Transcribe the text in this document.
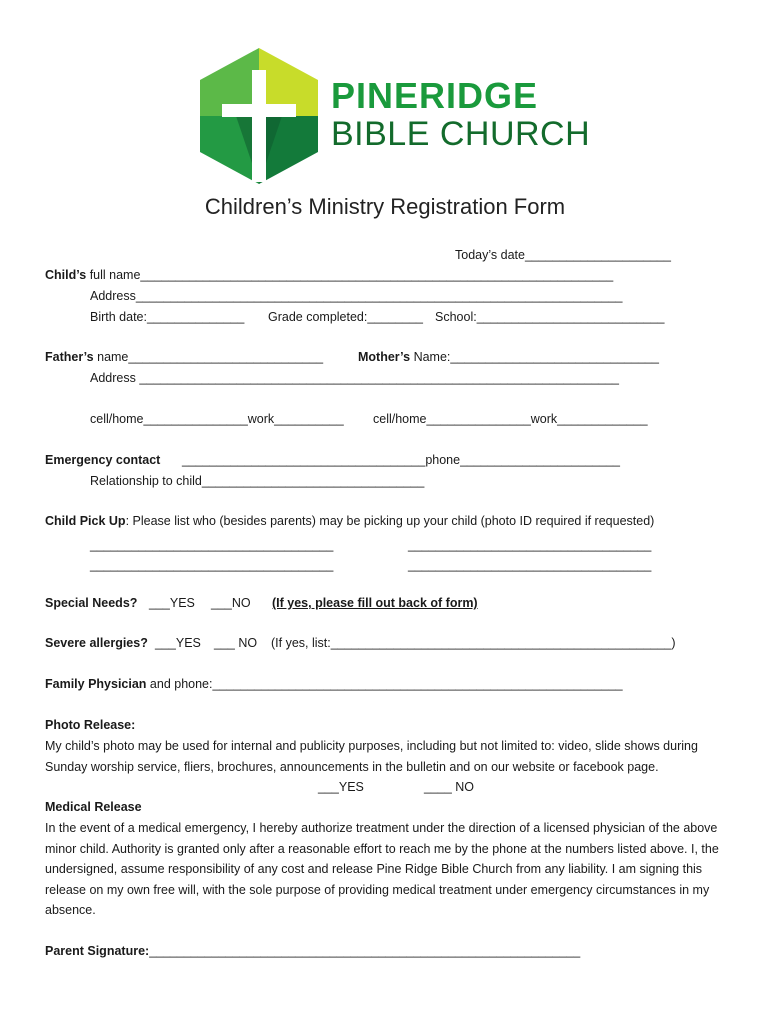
PINERIDGE
BIBLE CHURCH
Children’s Ministry Registration Form
Today’s date_____________________
Child’s full name____________________________________________________________________
Address______________________________________________________________________
Birth date:______________ Grade completed:________ School:___________________________
Father’s name____________________________	Mother’s Name:______________________________
Address _____________________________________________________________________
cell/home_______________work__________ cell/home_______________work_____________
Emergency contact ___________________________________phone_______________________
Relationship to child________________________________
Child Pick Up: Please list who (besides parents) may be picking up your child (photo ID required if requested)
___________________________________	___________________________________
___________________________________	___________________________________
Special Needs? ___YES ___NO (If yes, please fill out back of form)
Severe allergies? ___YES ___ NO (If yes, list:_________________________________________________)
Family Physician and phone:___________________________________________________________
Photo Release:
My child’s photo may be used for internal and publicity purposes, including but not limited to: video, slide shows during Sunday worship service, fliers, brochures, announcements in the bulletin and on our website or facebook page.
___YES	____ NO
Medical Release
In the event of a medical emergency, I hereby authorize treatment under the direction of a licensed physician of the above minor child. Authority is granted only after a reasonable effort to reach me by the phone at the numbers listed above. I, the undersigned, assume responsibility of any cost and release Pine Ridge Bible Church from any liability. I am signing this release on my own free will, with the sole purpose of providing medical treatment under emergency circumstances in my absence.
Parent Signature:______________________________________________________________
